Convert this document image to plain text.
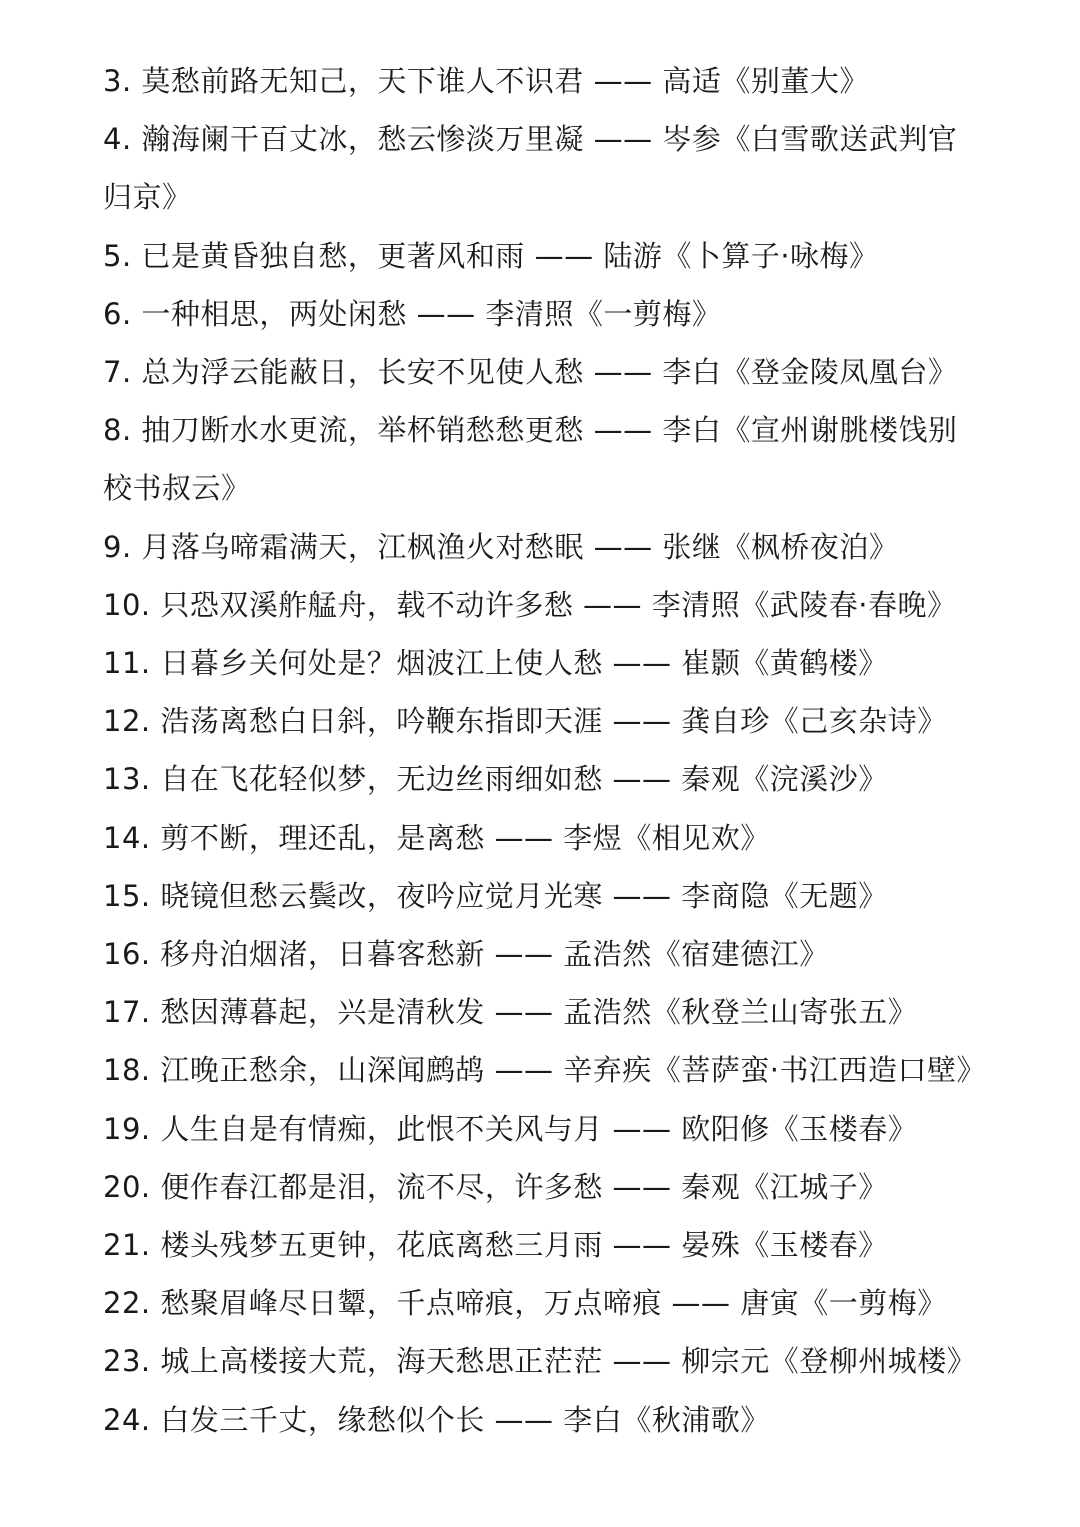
3. 莫愁前路无知己，天下谁人不识君 —— 高适《别董大》
4. 瀚海阑干百丈冰，愁云惨淡万里凝 —— 岑参《白雪歌送武判官归京》
5. 已是黄昏独自愁，更著风和雨 —— 陆游《卜算子·咏梅》
6. 一种相思，两处闲愁 —— 李清照《一剪梅》
7. 总为浮云能蔽日，长安不见使人愁 —— 李白《登金陵凤凰台》
8. 抽刀断水水更流，举杯销愁愁更愁 —— 李白《宣州谢朓楼饯别校书叔云》
9. 月落乌啼霜满天，江枫渔火对愁眠 —— 张继《枫桥夜泊》
10. 只恐双溪舴艋舟，载不动许多愁 —— 李清照《武陵春·春晚》
11. 日暮乡关何处是？烟波江上使人愁 —— 崔颢《黄鹤楼》
12. 浩荡离愁白日斜，吟鞭东指即天涯 —— 龚自珍《己亥杂诗》
13. 自在飞花轻似梦，无边丝雨细如愁 —— 秦观《浣溪沙》
14. 剪不断，理还乱，是离愁 —— 李煜《相见欢》
15. 晓镜但愁云鬓改，夜吟应觉月光寒 —— 李商隐《无题》
16. 移舟泊烟渚，日暮客愁新 —— 孟浩然《宿建德江》
17. 愁因薄暮起，兴是清秋发 —— 孟浩然《秋登兰山寄张五》
18. 江晚正愁余，山深闻鹧鸪 —— 辛弃疾《菩萨蛮·书江西造口壁》
19. 人生自是有情痴，此恨不关风与月 —— 欧阳修《玉楼春》
20. 便作春江都是泪，流不尽，许多愁 —— 秦观《江城子》
21. 楼头残梦五更钟，花底离愁三月雨 —— 晏殊《玉楼春》
22. 愁聚眉峰尽日颦，千点啼痕，万点啼痕 —— 唐寅《一剪梅》
23. 城上高楼接大荒，海天愁思正茫茫 —— 柳宗元《登柳州城楼》
24. 白发三千丈，缘愁似个长 —— 李白《秋浦歌》
